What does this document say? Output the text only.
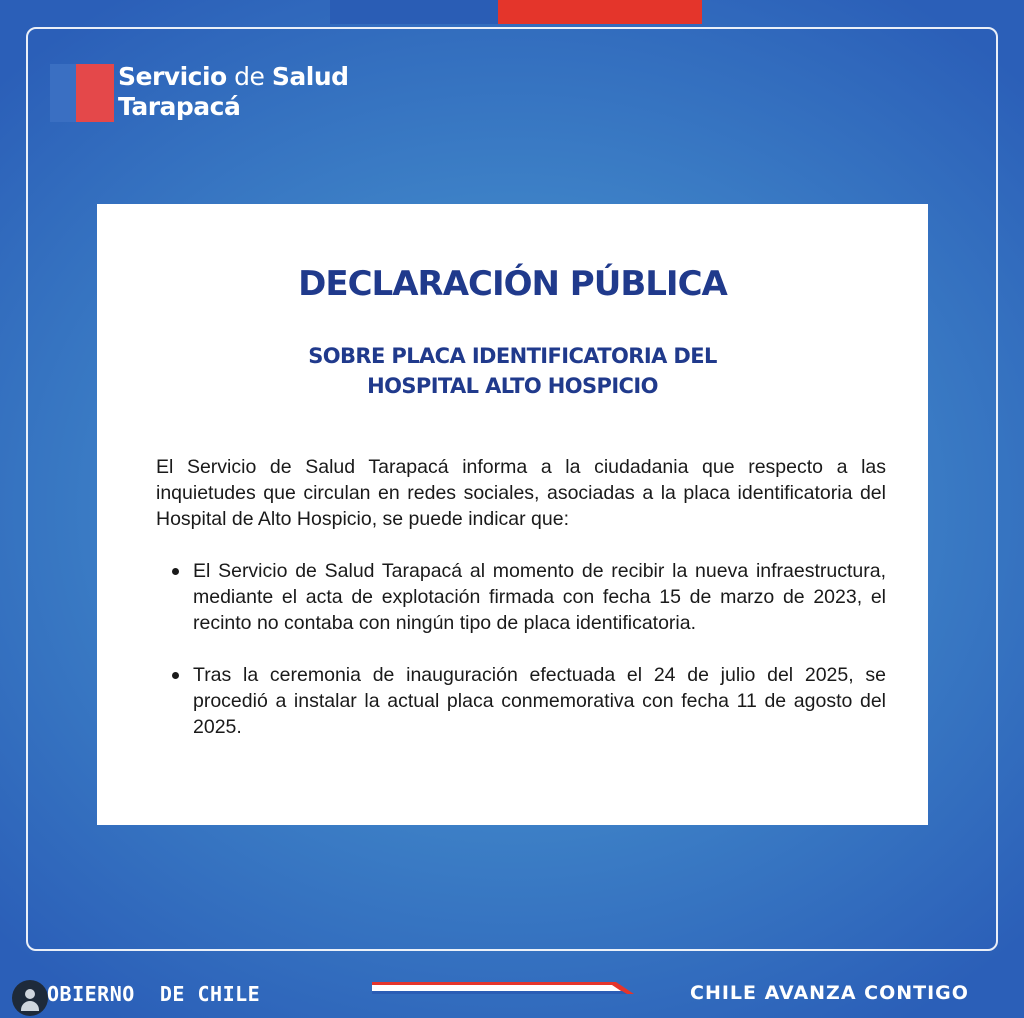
Servicio de Salud
Tarapacá
DECLARACIÓN PÚBLICA
SOBRE PLACA IDENTIFICATORIA DEL
HOSPITAL ALTO HOSPICIO

El Servicio de Salud Tarapacá informa a la ciudadania que respecto a las inquietudes que circulan en redes sociales, asociadas a la placa identificatoria del Hospital de Alto Hospicio, se puede indicar que:

El Servicio de Salud Tarapacá al momento de recibir la nueva infraestructura, mediante el acta de explotación firmada con fecha 15 de marzo de 2023, el recinto no contaba con ningún tipo de placa identificatoria.
Tras la ceremonia de inauguración efectuada el 24 de julio del 2025, se procedió a instalar la actual placa conmemorativa con fecha 11 de agosto del 2025.
OBIERNO  DE CHILE	CHILE AVANZA CONTIGO
